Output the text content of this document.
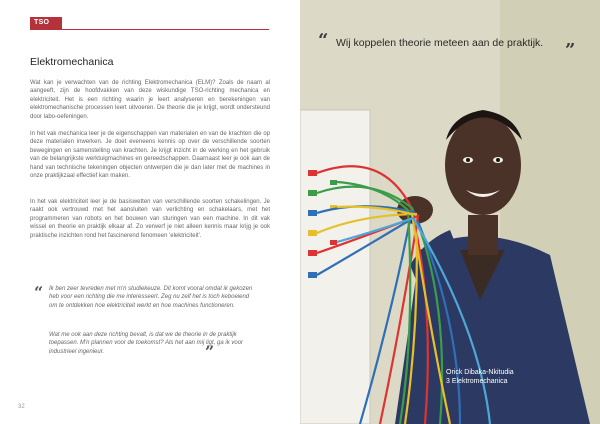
TSO
Elektromechanica

Wat kan je verwachten van de richting Elektromechanica (ELM)? Zoals de naam al aangeeft, zijn de hoofdvakken van deze wiskundige TSO-richting mechanica en elektriciteit. Het is een richting waarin je leert analyseren en berekeningen van elektromechanische processen leert uitvoeren. De theorie die je krijgt, wordt ondersteund door labo-oefeningen.

In het vak mechanica leer je de eigenschappen van materialen en van de krachten die op deze materialen inwerken. Je doet eveneens kennis op over de verschillende soorten bewegingen en samenstelling van krachten. Je krijgt inzicht in de werking en het gebruik van de belangrijkste werktuigmachines en gereedschappen. Daarnaast leer je ook aan de hand van technische tekeningen objecten ontwerpen die je dan later met de machines in onze praktijkzaal effectief kan maken.

In het vak elektriciteit leer je de basiswetten van verschillende soorten schakelingen. Je raakt ook vertrouwd met het aansluiten van verlichting en schakelaars, met het programmeren van robots en het bouwen van sturingen van een machine. In dit vak wissel en theorie en praktijk elkaar af. Zo verwerf je niet alleen kennis maar krijg je ook praktische inzichten rond het fascinerend fenomeen 'elektriciteit'.

“ Ik ben zeer tevreden met m'n studiekeuze. Dit komt vooral omdat ik gekozen heb voor een richting die me interesseert. Zeg nu zelf het is toch keboeiend om te ontdekken hoe elektriciteit werkt en hoe machines functioneren.

Wat me ook aan deze richting bevalt, is dat we de theorie in de praktijk toepassen. M'n plannen voor de toekomst? Als het aan mij ligt, ga ik voor industrieel ingenieur.	”
32
“ Wij koppelen theorie meteen aan de praktijk. ”
Orick Dibaka-Nkitudia
3 Elektromechanica
